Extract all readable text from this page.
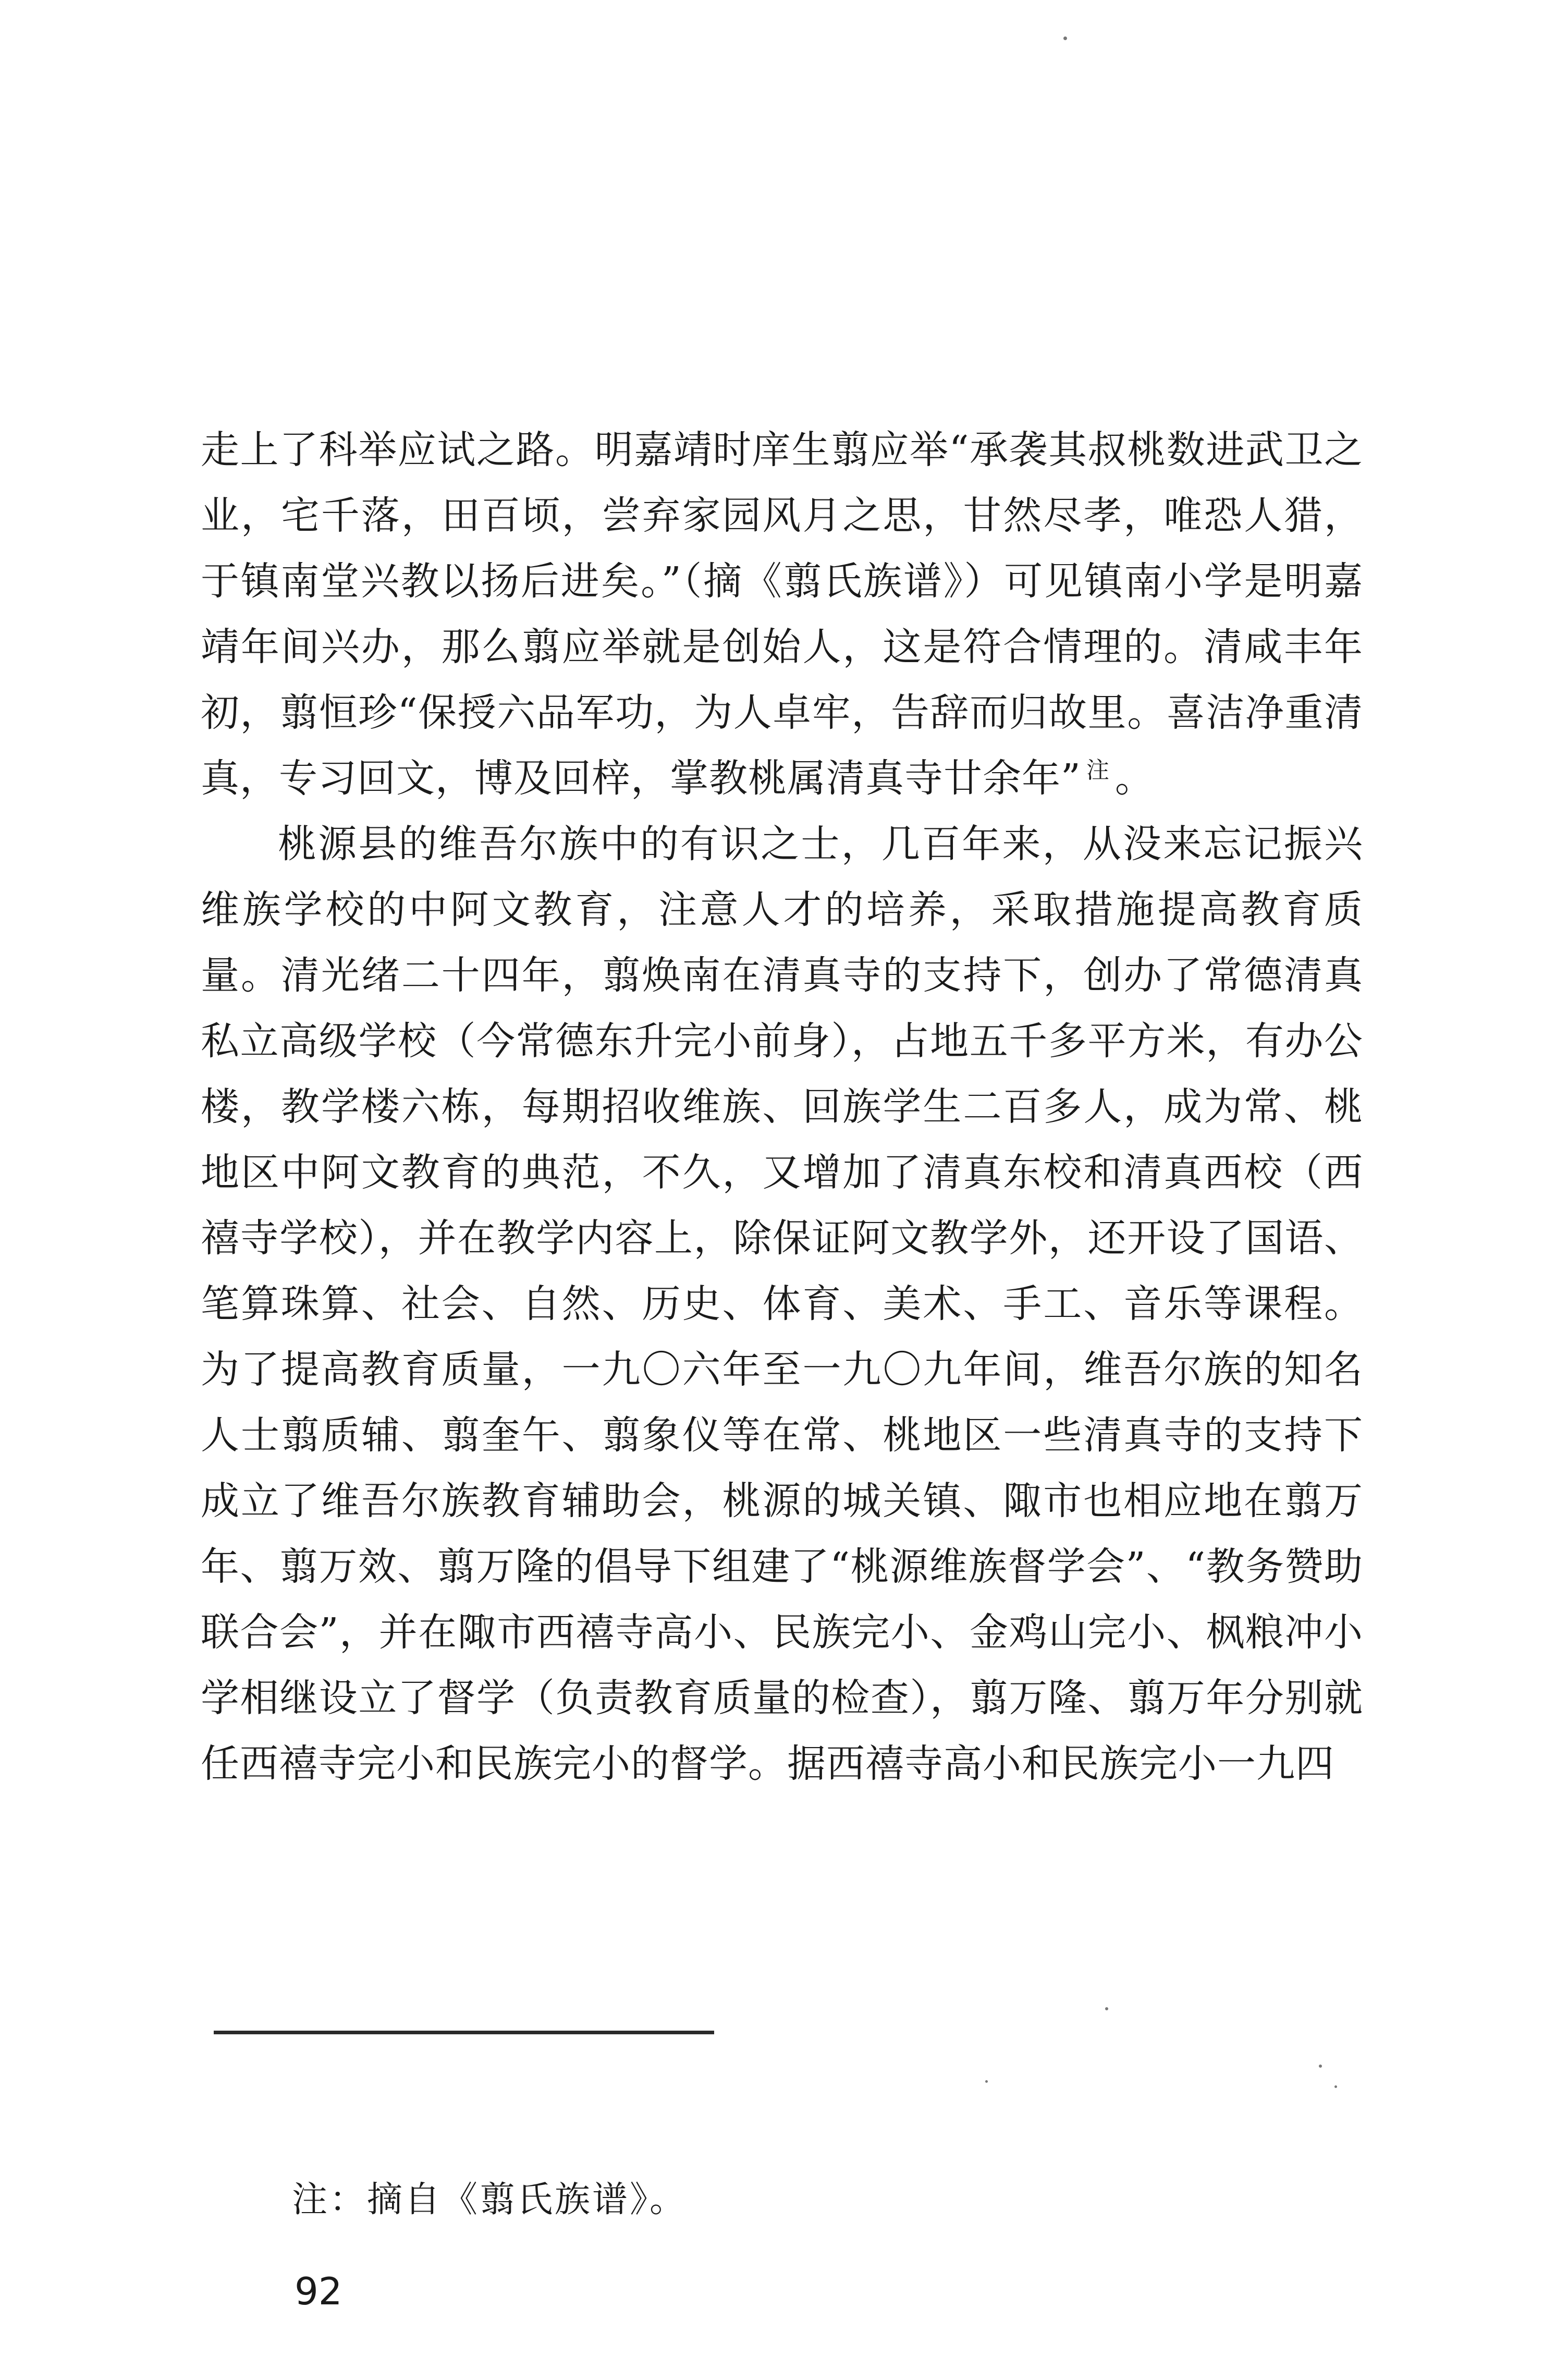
走上了科举应试之路。明嘉靖时庠生翦应举“承袭其叔桃数进武卫之业，宅千落，田百顷，尝弃家园风月之思，甘然尽孝，唯恐人猎，于镇南堂兴教以扬后进矣。”（摘《翦氏族谱》）可见镇南小学是明嘉靖年间兴办，那么翦应举就是创始人，这是符合情理的。清咸丰年初，翦恒珍“保授六品军功，为人卓牢，告辞而归故里。喜洁净重清真，专习回文，博及回梓，掌教桃属清真寺廿余年” $^注$ 。

桃源县的维吾尔族中的有识之士，几百年来，从没来忘记振兴维族学校的中阿文教育，注意人才的培养，采取措施提高教育质量。清光绪二十四年，翦焕南在清真寺的支持下，创办了常德清真私立高级学校（今常德东升完小前身），占地五千多平方米，有办公楼，教学楼六栋，每期招收维族、回族学生二百多人，成为常、桃地区中阿文教育的典范，不久，又增加了清真东校和清真西校（西禧寺学校），并在教学内容上，除保证阿文教学外，还开设了国语、笔算珠算、社会、自然、历史、体育、美术、手工、音乐等课程。为了提高教育质量，一九〇六年至一九〇九年间，维吾尔族的知名人士翦质辅、翦奎午、翦象仪等在常、桃地区一些清真寺的支持下成立了维吾尔族教育辅助会，桃源的城关镇、陬市也相应地在翦万年、翦万效、翦万隆的倡导下组建了“桃源维族督学会”、“教务赞助联合会”，并在陬市西禧寺高小、民族完小、金鸡山完小、枫粮冲小学相继设立了督学（负责教育质量的检查），翦万隆、翦万年分别就任西禧寺完小和民族完小的督学。据西禧寺高小和民族完小一九四

注：摘自《翦氏族谱》。
92
